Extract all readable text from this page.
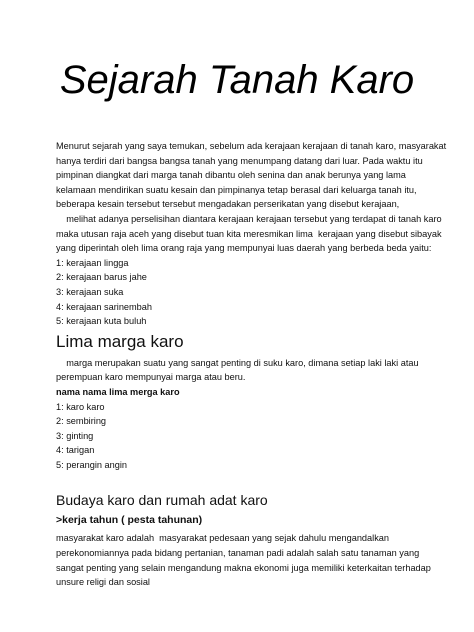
Sejarah Tanah Karo

Menurut sejarah yang saya temukan, sebelum ada kerajaan kerajaan di tanah karo, masyarakat

hanya terdiri dari bangsa bangsa tanah yang menumpang datang dari luar. Pada waktu itu

pimpinan diangkat dari marga tanah dibantu oleh senina dan anak berunya yang lama

kelamaan mendirikan suatu kesain dan pimpinanya tetap berasal dari keluarga tanah itu,

beberapa kesain tersebut tersebut mengadakan perserikatan yang disebut kerajaan,

melihat adanya perselisihan diantara kerajaan kerajaan tersebut yang terdapat di tanah karo

maka utusan raja aceh yang disebut tuan kita meresmikan lima  kerajaan yang disebut sibayak

yang diperintah oleh lima orang raja yang mempunyai luas daerah yang berbeda beda yaitu:

1: kerajaan lingga

2: kerajaan barus jahe

3: kerajaan suka

4: kerajaan sarinembah

5: kerajaan kuta buluh

Lima marga karo

marga merupakan suatu yang sangat penting di suku karo, dimana setiap laki laki atau

perempuan karo mempunyai marga atau beru.

nama nama lima merga karo

1: karo karo

2: sembiring

3: ginting

4: tarigan

5: perangin angin

Budaya karo dan rumah adat karo

>kerja tahun ( pesta tahunan)

masyarakat karo adalah  masyarakat pedesaan yang sejak dahulu mengandalkan

perekonomiannya pada bidang pertanian, tanaman padi adalah salah satu tanaman yang

sangat penting yang selain mengandung makna ekonomi juga memiliki keterkaitan terhadap

unsure religi dan sosial
